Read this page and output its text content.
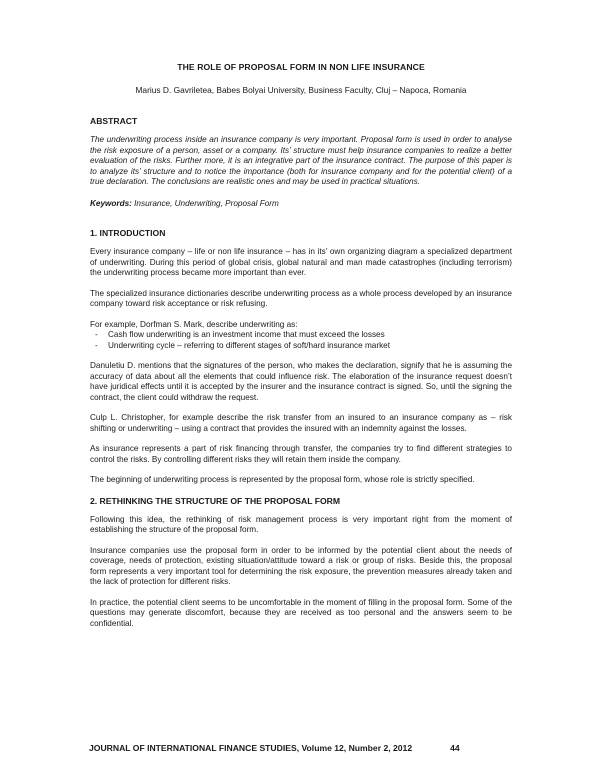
THE ROLE OF PROPOSAL FORM IN NON LIFE INSURANCE
Marius D. Gavriletea, Babes Bolyai University, Business Faculty, Cluj – Napoca, Romania
ABSTRACT

The underwriting process inside an insurance company is very important. Proposal form is used in order to analyse the risk exposure of a person, asset or a company. Its’ structure must help insurance companies to realize a better evaluation of the risks. Further more, it is an integrative part of the insurance contract. The purpose of this paper is to analyze its’ structure and to notice the importance (both for insurance company and for the potential client) of a true declaration. The conclusions are realistic ones and may be used in practical situations.

Keywords: Insurance, Underwriting, Proposal Form

1. INTRODUCTION

Every insurance company – life or non life insurance – has in its’ own organizing diagram a specialized department of underwriting. During this period of global crisis, global natural and man made catastrophes (including terrorism) the underwriting process became more important than ever.

The specialized insurance dictionaries describe underwriting process as a whole process developed by an insurance company toward risk acceptance or risk refusing.

For example, Dorfman S. Mark, describe underwriting as:

- Cash flow underwriting is an investment income that must exceed the losses
- Underwriting cycle – referring to different stages of soft/hard insurance market

Danuletiu D. mentions that the signatures of the person, who makes the declaration, signify that he is assuming the accuracy of data about all the elements that could influence risk. The elaboration of the insurance request doesn’t have juridical effects until it is accepted by the insurer and the insurance contract is signed. So, until the signing the contract, the client could withdraw the request.

Culp L. Christopher, for example describe the risk transfer from an insured to an insurance company as – risk shifting or underwriting – using a contract that provides the insured with an indemnity against the losses.

As insurance represents a part of risk financing through transfer, the companies try to find different strategies to control the risks. By controlling different risks they will retain them inside the company.

The beginning of underwriting process is represented by the proposal form, whose role is strictly specified.

2. RETHINKING THE STRUCTURE OF THE PROPOSAL FORM

Following this idea, the rethinking of risk management process is very important right from the moment of establishing the structure of the proposal form.

Insurance companies use the proposal form in order to be informed by the potential client about the needs of coverage, needs of protection, existing situation/attitude toward a risk or group of risks. Beside this, the proposal form represents a very important tool for determining the risk exposure, the prevention measures already taken and the lack of protection for different risks.

In practice, the potential client seems to be uncomfortable in the moment of filling in the proposal form. Some of the questions may generate discomfort, because they are received as too personal and the answers seem to be confidential.

JOURNAL OF INTERNATIONAL FINANCE STUDIES, Volume 12, Number 2, 2012	44
